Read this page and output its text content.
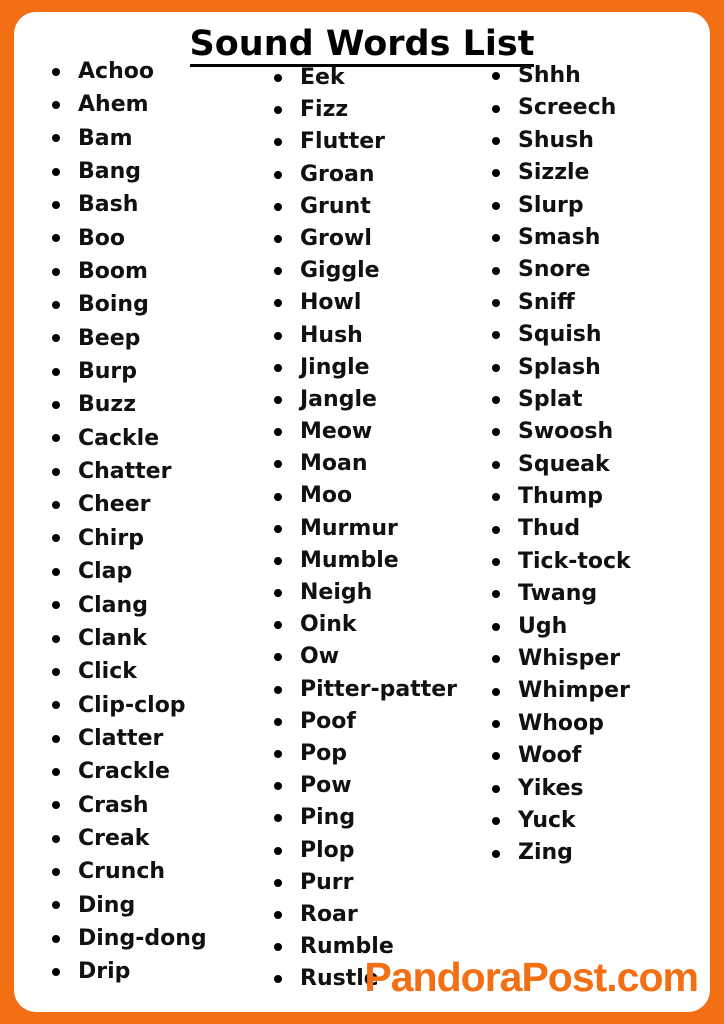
Sound Words List
Achoo
Ahem
Bam
Bang
Bash
Boo
Boom
Boing
Beep
Burp
Buzz
Cackle
Chatter
Cheer
Chirp
Clap
Clang
Clank
Click
Clip-clop
Clatter
Crackle
Crash
Creak
Crunch
Ding
Ding-dong
Drip
Eek
Fizz
Flutter
Groan
Grunt
Growl
Giggle
Howl
Hush
Jingle
Jangle
Meow
Moan
Moo
Murmur
Mumble
Neigh
Oink
Ow
Pitter-patter
Poof
Pop
Pow
Ping
Plop
Purr
Roar
Rumble
Rustle
Shhh
Screech
Shush
Sizzle
Slurp
Smash
Snore
Sniff
Squish
Splash
Splat
Swoosh
Squeak
Thump
Thud
Tick-tock
Twang
Ugh
Whisper
Whimper
Whoop
Woof
Yikes
Yuck
Zing
PandoraPost.com
